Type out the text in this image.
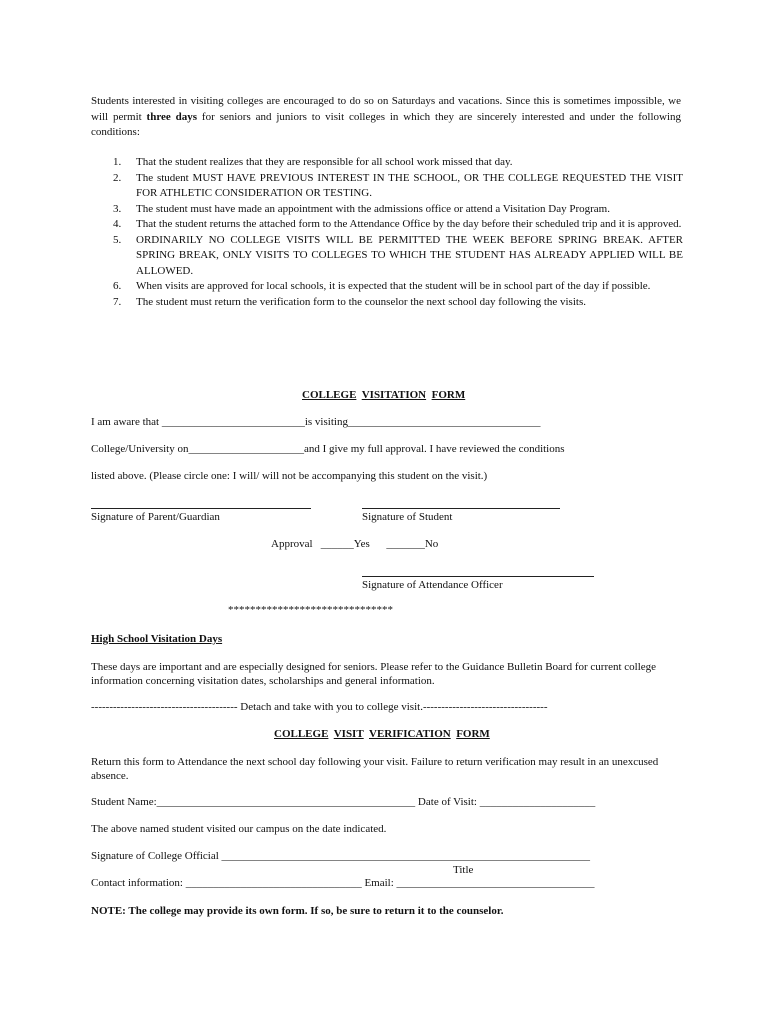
Students interested in visiting colleges are encouraged to do so on Saturdays and vacations. Since this is sometimes impossible, we will permit three days for seniors and juniors to visit colleges in which they are sincerely interested and under the following conditions:
1. That the student realizes that they are responsible for all school work missed that day.
2. The student MUST HAVE PREVIOUS INTEREST IN THE SCHOOL, OR THE COLLEGE REQUESTED THE VISIT FOR ATHLETIC CONSIDERATION OR TESTING.
3. The student must have made an appointment with the admissions office or attend a Visitation Day Program.
4. That the student returns the attached form to the Attendance Office by the day before their scheduled trip and it is approved.
5. ORDINARILY NO COLLEGE VISITS WILL BE PERMITTED THE WEEK BEFORE SPRING BREAK. AFTER SPRING BREAK, ONLY VISITS TO COLLEGES TO WHICH THE STUDENT HAS ALREADY APPLIED WILL BE ALLOWED.
6. When visits are approved for local schools, it is expected that the student will be in school part of the day if possible.
7. The student must return the verification form to the counselor the next school day following the visits.
COLLEGE VISITATION FORM
I am aware that __________________________is visiting___________________________________
College/University on_____________________and I give my full approval. I have reviewed the conditions
listed above. (Please circle one: I will/ will not be accompanying this student on the visit.)
Signature of Parent/Guardian	Signature of Student
Approval ______Yes _______No
Signature of Attendance Officer
******************************
High School Visitation Days
These days are important and are especially designed for seniors. Please refer to the Guidance Bulletin Board for current college information concerning visitation dates, scholarships and general information.
---------------------------------------- Detach and take with you to college visit.----------------------------------
COLLEGE VISIT VERIFICATION FORM
Return this form to Attendance the next school day following your visit. Failure to return verification may result in an unexcused absence.
Student Name:_______________________________________________ Date of Visit: _____________________
The above named student visited our campus on the date indicated.
Signature of College Official ___________________________________________________________________
Title
Contact information: ________________________________ Email: ____________________________________
NOTE: The college may provide its own form. If so, be sure to return it to the counselor.
